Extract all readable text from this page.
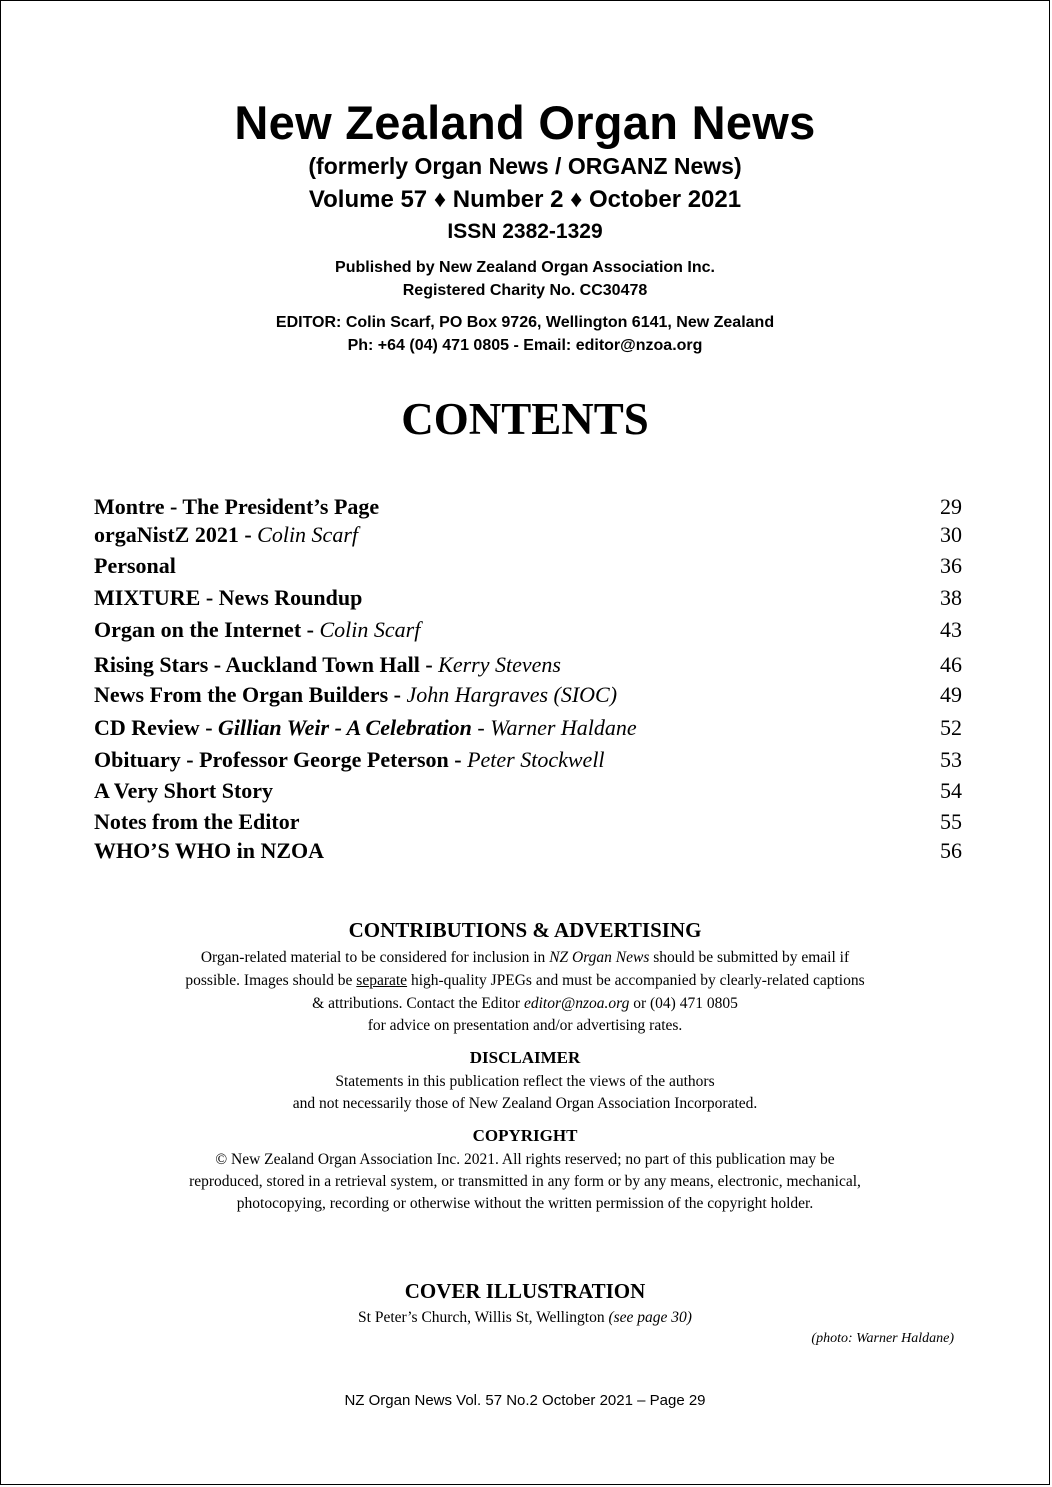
New Zealand Organ News
(formerly Organ News / ORGANZ News)
Volume 57 ♦ Number 2 ♦ October 2021
ISSN 2382-1329
Published by New Zealand Organ Association Inc.
Registered Charity No. CC30478
EDITOR: Colin Scarf, PO Box 9726, Wellington 6141, New Zealand
Ph: +64 (04) 471 0805 - Email: editor@nzoa.org
CONTENTS
Montre - The President’s Page	29
orgaNistZ 2021 - Colin Scarf	30
Personal	36
MIXTURE - News Roundup	38
Organ on the Internet - Colin Scarf	43
Rising Stars - Auckland Town Hall - Kerry Stevens	46
News From the Organ Builders - John Hargraves (SIOC)	49
CD Review - Gillian Weir - A Celebration - Warner Haldane	52
Obituary - Professor George Peterson - Peter Stockwell	53
A Very Short Story	54
Notes from the Editor	55
WHO’S WHO in NZOA	56
CONTRIBUTIONS & ADVERTISING
Organ-related material to be considered for inclusion in NZ Organ News should be submitted by email if
possible. Images should be separate high-quality JPEGs and must be accompanied by clearly-related captions
& attributions. Contact the Editor editor@nzoa.org or (04) 471 0805
for advice on presentation and/or advertising rates.
DISCLAIMER
Statements in this publication reflect the views of the authors
and not necessarily those of New Zealand Organ Association Incorporated.
COPYRIGHT
© New Zealand Organ Association Inc. 2021. All rights reserved; no part of this publication may be
reproduced, stored in a retrieval system, or transmitted in any form or by any means, electronic, mechanical,
photocopying, recording or otherwise without the written permission of the copyright holder.
COVER ILLUSTRATION
St Peter’s Church, Willis St, Wellington (see page 30)
(photo: Warner Haldane)
NZ Organ News Vol. 57 No.2 October 2021 – Page 29
